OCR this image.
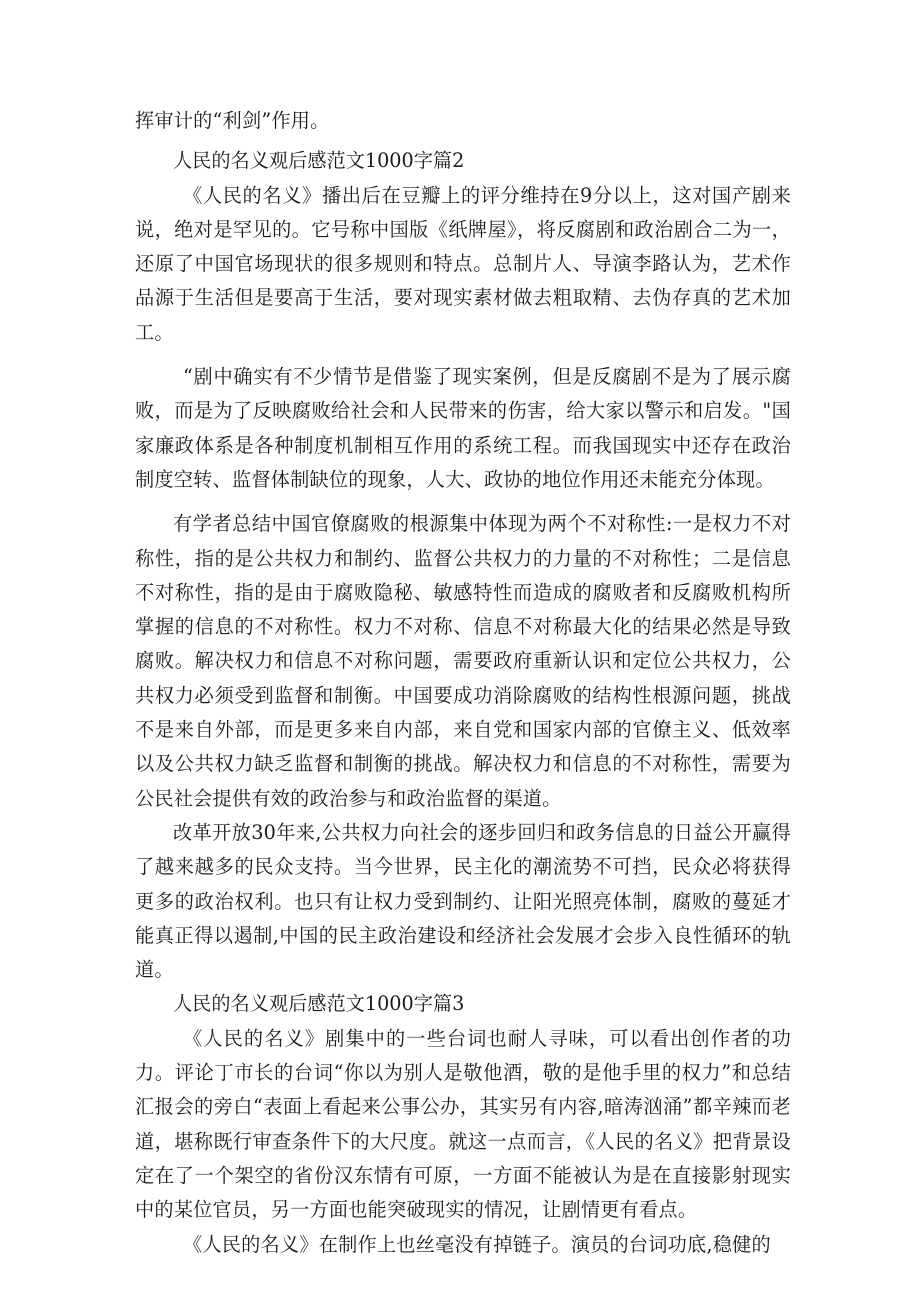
挥审计的“利剑”作用。

人民的名义观后感范文1000字篇2

《人民的名义》播出后在豆瓣上的评分维持在9分以上，这对国产剧来说，绝对是罕见的。它号称中国版《纸牌屋》，将反腐剧和政治剧合二为一，还原了中国官场现状的很多规则和特点。总制片人、导演李路认为，艺术作品源于生活但是要高于生活，要对现实素材做去粗取精、去伪存真的艺术加工。

“剧中确实有不少情节是借鉴了现实案例，但是反腐剧不是为了展示腐败，而是为了反映腐败给社会和人民带来的伤害，给大家以警示和启发。"国家廉政体系是各种制度机制相互作用的系统工程。而我国现实中还存在政治制度空转、监督体制缺位的现象，人大、政协的地位作用还未能充分体现。

有学者总结中国官僚腐败的根源集中体现为两个不对称性:一是权力不对称性，指的是公共权力和制约、监督公共权力的力量的不对称性；二是信息不对称性，指的是由于腐败隐秘、敏感特性而造成的腐败者和反腐败机构所掌握的信息的不对称性。权力不对称、信息不对称最大化的结果必然是导致腐败。解决权力和信息不对称问题，需要政府重新认识和定位公共权力，公共权力必须受到监督和制衡。中国要成功消除腐败的结构性根源问题，挑战不是来自外部，而是更多来自内部，来自党和国家内部的官僚主义、低效率以及公共权力缺乏监督和制衡的挑战。解决权力和信息的不对称性，需要为公民社会提供有效的政治参与和政治监督的渠道。

改革开放30年来,公共权力向社会的逐步回归和政务信息的日益公开赢得了越来越多的民众支持。当今世界，民主化的潮流势不可挡，民众必将获得更多的政治权利。也只有让权力受到制约、让阳光照亮体制，腐败的蔓延才能真正得以遏制,中国的民主政治建设和经济社会发展才会步入良性循环的轨道。

人民的名义观后感范文1000字篇3

《人民的名义》剧集中的一些台词也耐人寻味，可以看出创作者的功力。评论丁市长的台词“你以为别人是敬他酒，敬的是他手里的权力”和总结汇报会的旁白“表面上看起来公事公办，其实另有内容,暗涛汹涌”都辛辣而老道，堪称既行审查条件下的大尺度。就这一点而言，《人民的名义》把背景设定在了一个架空的省份汉东情有可原，一方面不能被认为是在直接影射现实中的某位官员，另一方面也能突破现实的情况，让剧情更有看点。

《人民的名义》在制作上也丝毫没有掉链子。演员的台词功底,稳健的
